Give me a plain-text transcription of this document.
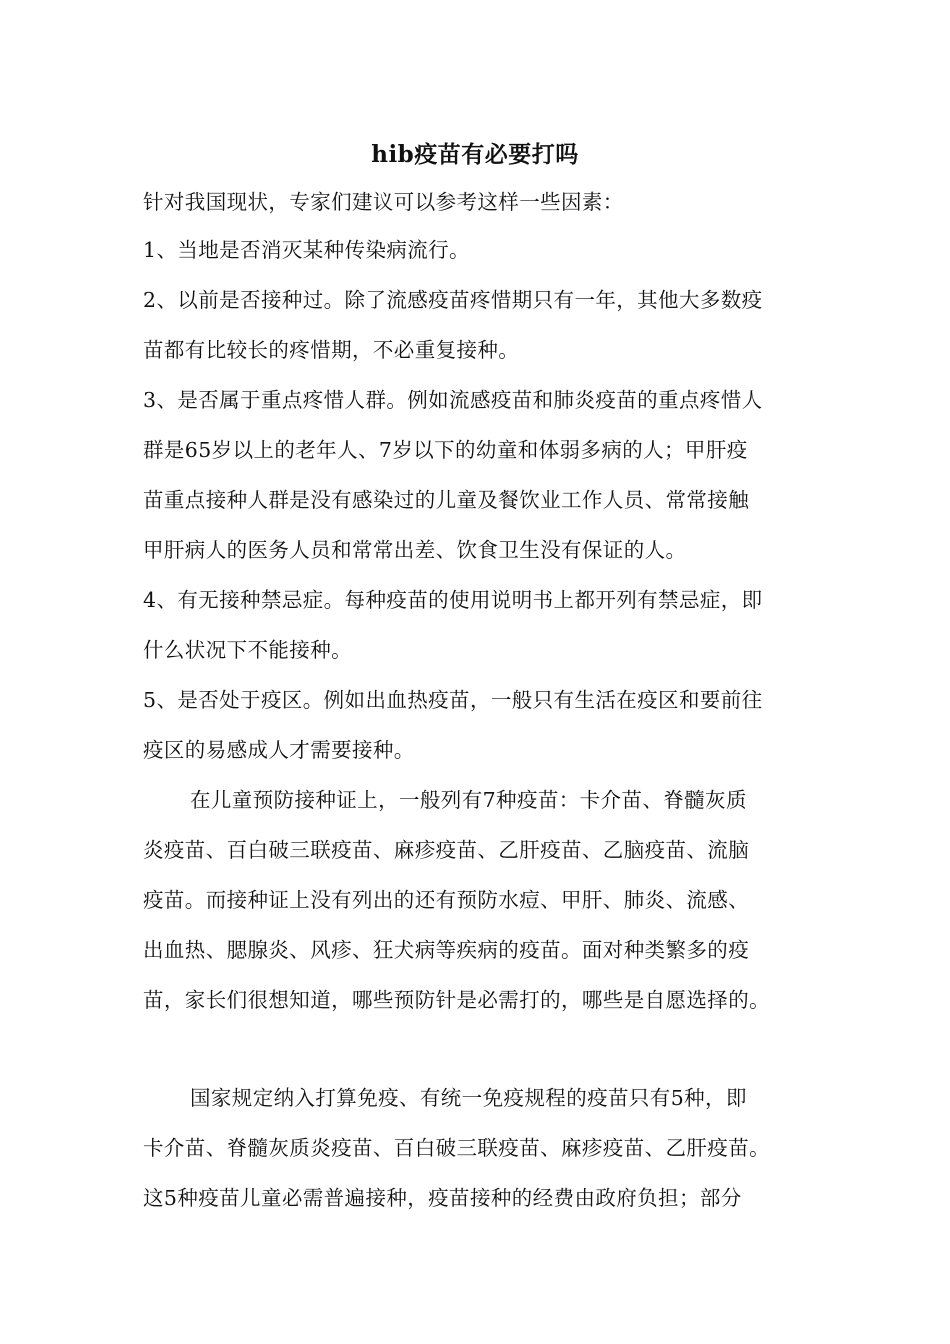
hib疫苗有必要打吗
针对我国现状，专家们建议可以参考这样一些因素：
1、当地是否消灭某种传染病流行。
2、以前是否接种过。除了流感疫苗疼惜期只有一年，其他大多数疫
苗都有比较长的疼惜期，不必重复接种。
3、是否属于重点疼惜人群。例如流感疫苗和肺炎疫苗的重点疼惜人
群是65岁以上的老年人、7岁以下的幼童和体弱多病的人；甲肝疫
苗重点接种人群是没有感染过的儿童及餐饮业工作人员、常常接触
甲肝病人的医务人员和常常出差、饮食卫生没有保证的人。
4、有无接种禁忌症。每种疫苗的使用说明书上都开列有禁忌症，即
什么状况下不能接种。
5、是否处于疫区。例如出血热疫苗，一般只有生活在疫区和要前往
疫区的易感成人才需要接种。
在儿童预防接种证上，一般列有7种疫苗：卡介苗、脊髓灰质
炎疫苗、百白破三联疫苗、麻疹疫苗、乙肝疫苗、乙脑疫苗、流脑
疫苗。而接种证上没有列出的还有预防水痘、甲肝、肺炎、流感、
出血热、腮腺炎、风疹、狂犬病等疾病的疫苗。面对种类繁多的疫
苗，家长们很想知道，哪些预防针是必需打的，哪些是自愿选择的。
国家规定纳入打算免疫、有统一免疫规程的疫苗只有5种，即
卡介苗、脊髓灰质炎疫苗、百白破三联疫苗、麻疹疫苗、乙肝疫苗。
这5种疫苗儿童必需普遍接种，疫苗接种的经费由政府负担；部分
